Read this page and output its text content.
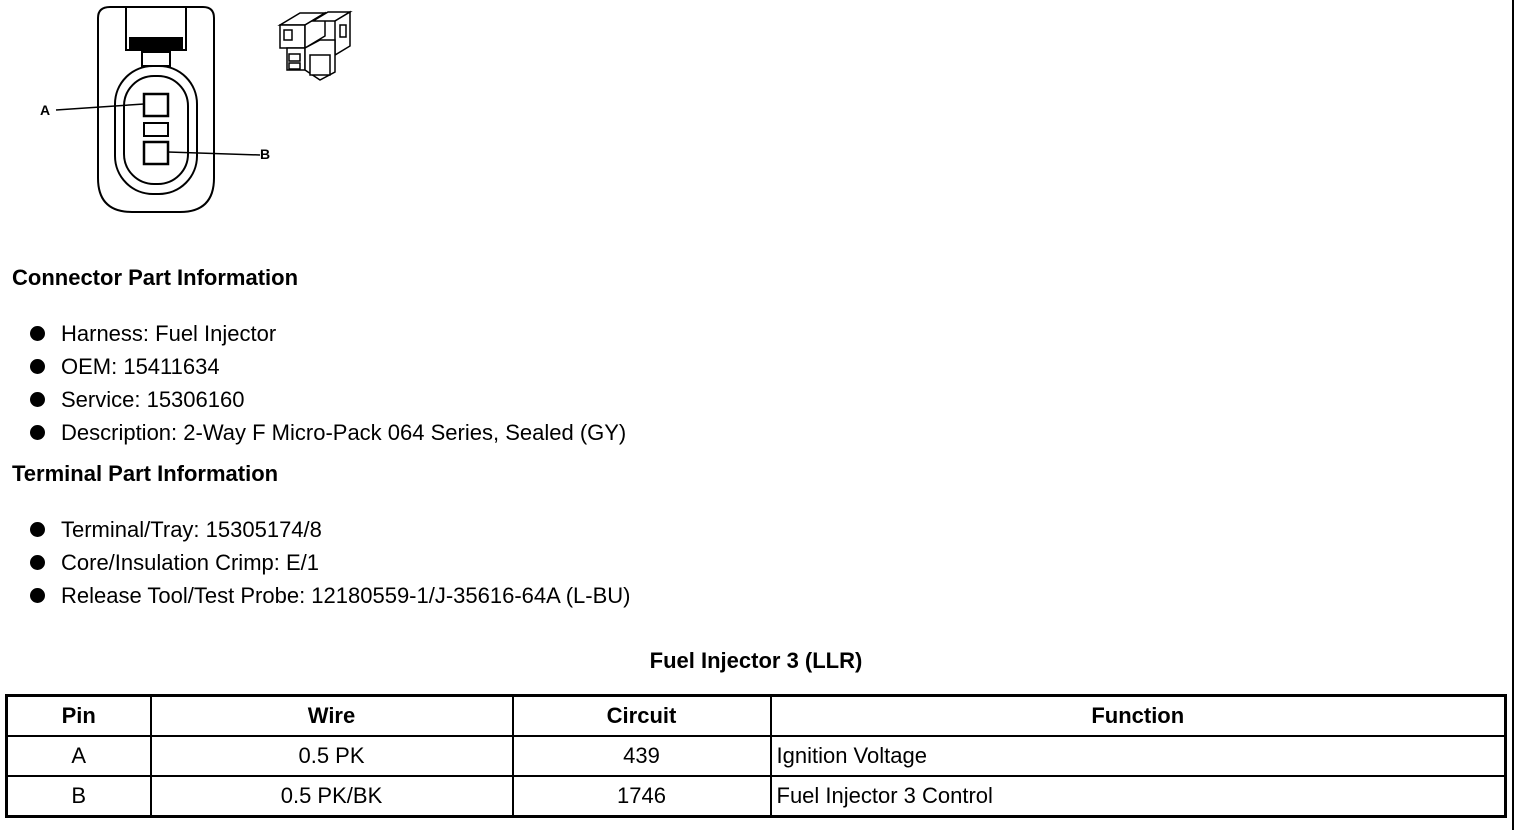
A
B
Connector Part Information
Harness: Fuel Injector
OEM: 15411634
Service: 15306160
Description: 2-Way F Micro-Pack 064 Series, Sealed (GY)
Terminal Part Information
Terminal/Tray: 15305174/8
Core/Insulation Crimp: E/1
Release Tool/Test Probe: 12180559-1/J-35616-64A (L-BU)
Fuel Injector 3 (LLR)
Pin	Wire	Circuit	Function
A	0.5 PK	439	Ignition Voltage
B	0.5 PK/BK	1746	Fuel Injector 3 Control
